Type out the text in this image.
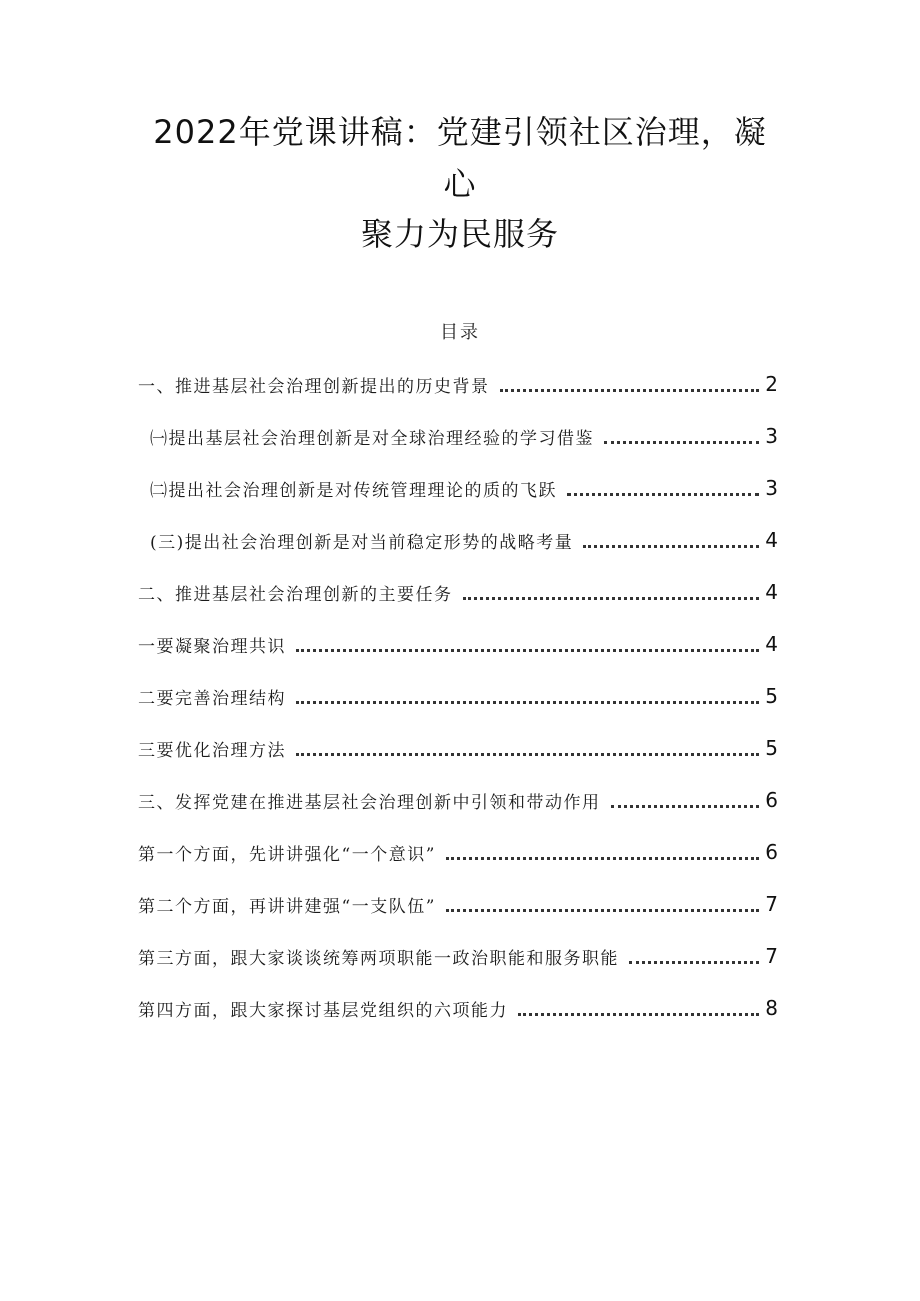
2022年党课讲稿：党建引领社区治理，凝
心
聚力为民服务
目录
一、推进基层社会治理创新提出的历史背景	2
㈠提出基层社会治理创新是对全球治理经验的学习借鉴	3
㈡提出社会治理创新是对传统管理理论的质的飞跃	3
(三)提出社会治理创新是对当前稳定形势的战略考量	4
二、推进基层社会治理创新的主要任务	4
一要凝聚治理共识	4
二要完善治理结构	5
三要优化治理方法	5
三、发挥党建在推进基层社会治理创新中引领和带动作用	6
第一个方面，先讲讲强化“一个意识”	6
第二个方面，再讲讲建强“一支队伍”	7
第三方面，跟大家谈谈统筹两项职能一政治职能和服务职能	7
第四方面，跟大家探讨基层党组织的六项能力	8
